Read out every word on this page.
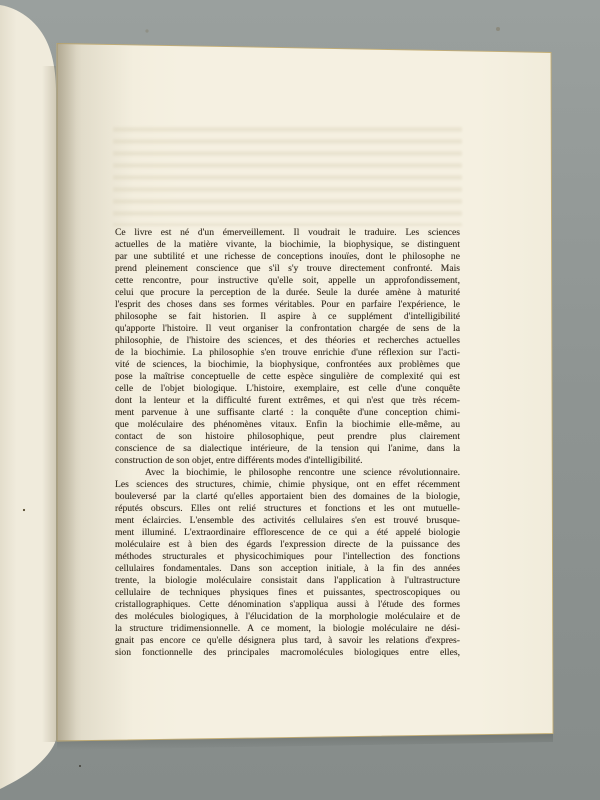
Ce livre est né d'un émerveillement. Il voudrait le traduire. Les sciences
actuelles de la matière vivante, la biochimie, la biophysique, se distinguent
par une subtilité et une richesse de conceptions inouïes, dont le philosophe ne
prend pleinement conscience que s'il s'y trouve directement confronté. Mais
cette rencontre, pour instructive qu'elle soit, appelle un approfondissement,
celui que procure la perception de la durée. Seule la durée amène à maturité
l'esprit des choses dans ses formes véritables. Pour en parfaire l'expérience, le
philosophe se fait historien. Il aspire à ce supplément d'intelligibilité
qu'apporte l'histoire. Il veut organiser la confrontation chargée de sens de la
philosophie, de l'histoire des sciences, et des théories et recherches actuelles
de la biochimie. La philosophie s'en trouve enrichie d'une réflexion sur l'acti-
vité de sciences, la biochimie, la biophysique, confrontées aux problèmes que
pose la maîtrise conceptuelle de cette espèce singulière de complexité qui est
celle de l'objet biologique. L'histoire, exemplaire, est celle d'une conquête
dont la lenteur et la difficulté furent extrêmes, et qui n'est que très récem-
ment parvenue à une suffisante clarté : la conquête d'une conception chimi-
que moléculaire des phénomènes vitaux. Enfin la biochimie elle-même, au
contact de son histoire philosophique, peut prendre plus clairement
conscience de sa dialectique intérieure, de la tension qui l'anime, dans la
construction de son objet, entre différents modes d'intelligibilité.
Avec la biochimie, le philosophe rencontre une science révolutionnaire.
Les sciences des structures, chimie, chimie physique, ont en effet récemment
bouleversé par la clarté qu'elles apportaient bien des domaines de la biologie,
réputés obscurs. Elles ont relié structures et fonctions et les ont mutuelle-
ment éclaircies. L'ensemble des activités cellulaires s'en est trouvé brusque-
ment illuminé. L'extraordinaire efflorescence de ce qui a été appelé biologie
moléculaire est à bien des égards l'expression directe de la puissance des
méthodes structurales et physicochimiques pour l'intellection des fonctions
cellulaires fondamentales. Dans son acception initiale, à la fin des années
trente, la biologie moléculaire consistait dans l'application à l'ultrastructure
cellulaire de techniques physiques fines et puissantes, spectroscopiques ou
cristallographiques. Cette dénomination s'appliqua aussi à l'étude des formes
des molécules biologiques, à l'élucidation de la morphologie moléculaire et de
la structure tridimensionnelle. A ce moment, la biologie moléculaire ne dési-
gnait pas encore ce qu'elle désignera plus tard, à savoir les relations d'expres-
sion fonctionnelle des principales macromolécules biologiques entre elles,
